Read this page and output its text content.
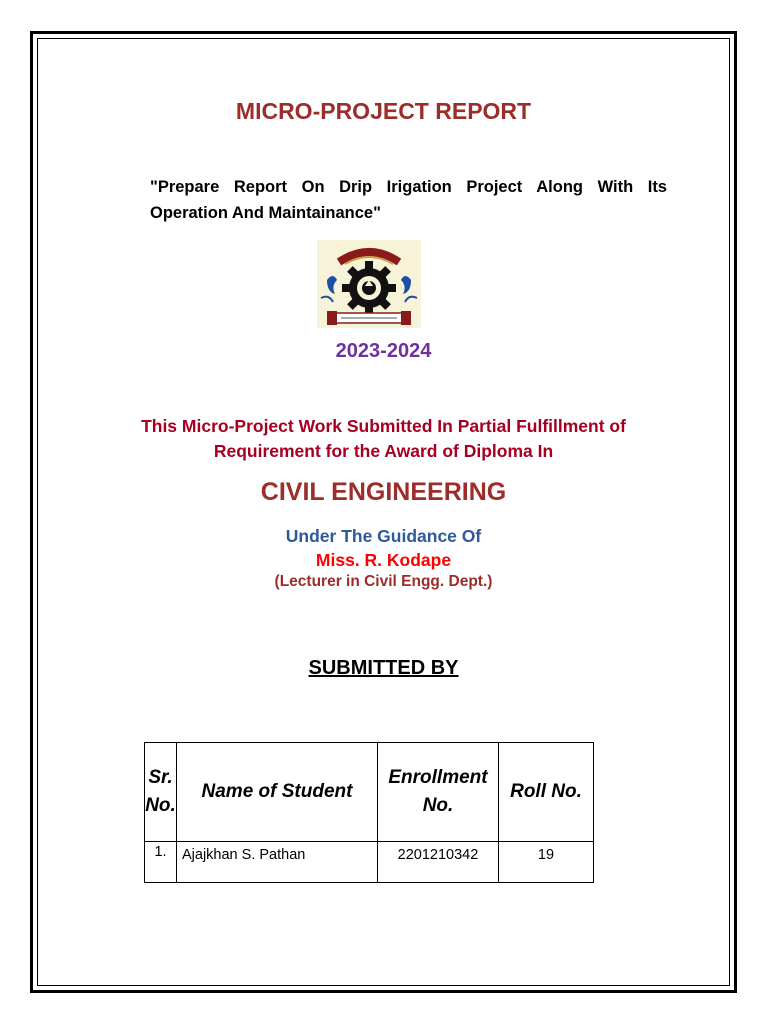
MICRO-PROJECT REPORT
"Prepare Report On Drip Irigation Project Along With Its Operation And Maintainance"
2023-2024
This Micro-Project Work Submitted In Partial Fulfillment of
Requirement for the Award of Diploma In
CIVIL ENGINEERING
Under The Guidance Of
Miss. R. Kodape
(Lecturer in Civil Engg. Dept.)
SUBMITTED BY
Sr.No.	Name of Student	Enrollment No.	Roll No.
1.	Ajajkhan S. Pathan	2201210342	19
